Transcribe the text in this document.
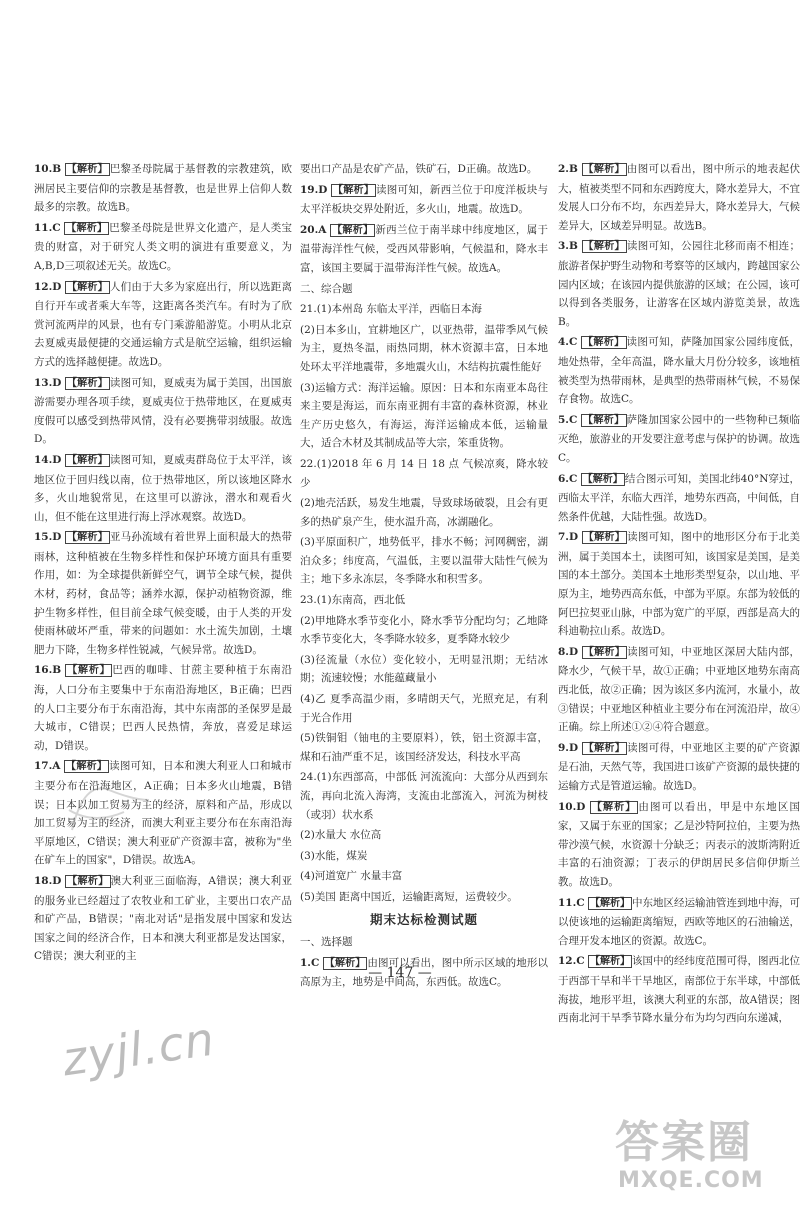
10.B 【解析】 巴黎圣母院属于基督教的宗教建筑，欧洲居民主要信仰的宗教是基督教，也是世界上信仰人数最多的宗教。故选B。

11.C 【解析】 巴黎圣母院是世界文化遗产，是人类宝贵的财富，对于研究人类文明的演进有重要意义，为A,B,D三项叙述无关。故选C。

12.D 【解析】 人们由于大多为家庭出行，所以选距离自行开车或者乘大车等，这距离各类汽车。有时为了欣赏河流两岸的风景，也有专门乘游船游览。小明从北京去夏威夷最便捷的交通运输方式是航空运输，组织运输方式的选择越便捷。故选D。

13.D 【解析】 读图可知，夏威夷为属于美国，出国旅游需要办理各项手续，夏威夷位于热带地区，在夏威夷度假可以感受到热带风情，没有必要携带羽绒服。故选D。

14.D 【解析】 读图可知，夏威夷群岛位于太平洋，该地区位于回归线以南，位于热带地区，所以该地区降水多，火山地貌常见，在这里可以游泳，潜水和观看火山，但不能在这里进行海上浮冰观察。故选D。

15.D 【解析】 亚马孙流域有着世界上面积最大的热带雨林，这种植被在生物多样性和保护环境方面具有重要作用，如：为全球提供新鲜空气，调节全球气候，提供木材，药材，食品等；涵养水源，保护动植物资源，维护生物多样性，但目前全球气候变暖，由于人类的开发使雨林破坏严重，带来的问题如：水土流失加剧，土壤肥力下降，生物多样性锐减，气候异常。故选D。

16.B 【解析】 巴西的咖啡、甘蔗主要种植于东南沿海，人口分布主要集中于东南沿海地区，B正确；巴西的人口主要分布于东南沿海，其中东南部的圣保罗是最大城市，C错误；巴西人民热情，奔放，喜爱足球运动，D错误。

17.A 【解析】 读图可知，日本和澳大利亚人口和城市主要分布在沿海地区，A正确；日本多火山地震，B错误；日本以加工贸易为主的经济，原料和产品，形成以加工贸易为主的经济，而澳大利亚主要分布在东南沿海平原地区，C错误；澳大利亚矿产资源丰富，被称为"坐在矿车上的国家"，D错误。故选A。

18.D 【解析】 澳大利亚三面临海，A错误；澳大利亚的服务业已经超过了农牧业和工矿业，主要出口农产品和矿产品，B错误；"南北对话"是指发展中国家和发达国家之间的经济合作，日本和澳大利亚都是发达国家，C错误；澳大利亚的主

要出口产品是农矿产品，铁矿石，D正确。故选D。

19.D 【解析】 读图可知，新西兰位于印度洋板块与太平洋板块交界处附近，多火山，地震。故选D。

20.A 【解析】 新西兰位于南半球中纬度地区，属于温带海洋性气候，受西风带影响，气候温和，降水丰富，该国主要属于温带海洋性气候。故选A。

二、综合题

21.(1)本州岛 东临太平洋，西临日本海

(2)日本多山，宜耕地区广，以亚热带，温带季风气候为主，夏热冬温，雨热同期，林木资源丰富，日本地处环太平洋地震带，多地震火山，木结构抗震性能好

(3)运输方式：海洋运输。原因：日本和东南亚本岛往来主要是海运，而东南亚拥有丰富的森林资源，林业生产历史悠久，有海运，海洋运输成本低，运输量大，适合木材及其制成品等大宗，笨重货物。

22.(1)2018 年 6 月 14 日 18 点 气候凉爽，降水较少

(2)地壳活跃，易发生地震，导致球场破裂，且会有更多的热矿泉产生，使水温升高，冰湖融化。

(3)平原面积广，地势低平，排水不畅；河网稠密，湖泊众多；纬度高，气温低，主要以温带大陆性气候为主；地下多永冻层，冬季降水和积雪多。

23.(1)东南高，西北低

(2)甲地降水季节变化小，降水季节分配均匀；乙地降水季节变化大，冬季降水较多，夏季降水较少

(3)径流量（水位）变化较小，无明显汛期；无结冰期；流速较慢；水能蕴藏量小

(4)乙 夏季高温少雨，多晴朗天气，光照充足，有利于光合作用

(5)铁铜钼（铀电的主要原料），铁，铝土资源丰富，煤和石油严重不足，该国经济发达，科技水平高

24.(1)东西部高，中部低 河流流向：大部分从西到东流，再向北流入海湾，支流由北部流入，河流为树枝（或羽）状水系

(2)水量大 水位高

(3)水能，煤炭

(4)河道宽广 水量丰富

(5)美国 距离中国近，运输距离短，运费较少。

期末达标检测试题
一、选择题

1.C 【解析】 由图可以看出，图中所示区域的地形以高原为主，地势是中间高，东西低。故选C。

2.B 【解析】 由图可以看出，图中所示的地表起伏大，植被类型不同和东西跨度大，降水差异大，不宜发展人口分布不均，东西差异大，降水差异大，气候差异大，区域差异明显。故选B。

3.B 【解析】 读图可知，公园往北移而南不相连；旅游者保护野生动物和考察等的区域内，跨越国家公园内区域；在该园内提供旅游的区域；在公园，该可以得到各类服务，让游客在区域内游览美景，故选B。

4.C 【解析】 读图可知，萨隆加国家公园纬度低，地处热带，全年高温，降水量大月份分较多，该地植被类型为热带雨林，是典型的热带雨林气候，不易保存食物。故选C。

5.C 【解析】 萨隆加国家公园中的一些物种已频临灭绝，旅游业的开发要注意考虑与保护的协调。故选C。

6.C 【解析】 结合图示可知，美国北纬40°N穿过，西临太平洋，东临大西洋，地势东西高，中间低，自然条件优越，大陆性强。故选D。

7.D 【解析】 读图可知，图中的地形区分布于北美洲，属于美国本土，读图可知，该国家是美国，是美国的本土部分。美国本土地形类型复杂，以山地、平原为主，地势西高东低，中部为平原。东部为较低的阿巴拉契亚山脉，中部为宽广的平原，西部是高大的科迪勒拉山系。故选D。

8.D 【解析】 读图可知，中亚地区深居大陆内部，降水少，气候干旱，故①正确；中亚地区地势东南高西北低，故②正确；因为该区多内流河，水量小，故③错误；中亚地区种植业主要分布在河流沿岸，故④正确。综上所述①②④符合题意。

9.D 【解析】 读图可得，中亚地区主要的矿产资源是石油，天然气等，我国进口该矿产资源的最快捷的运输方式是管道运输。故选D。

10.D 【解析】 由图可以看出，甲是中东地区国家，又属于东亚的国家；乙是沙特阿拉伯，主要为热带沙漠气候，水资源十分缺乏；丙表示的波斯湾附近丰富的石油资源；丁表示的伊朗居民多信仰伊斯兰教。故选D。

11.C 【解析】 中东地区经运输油管连到地中海，可以使该地的运输距离缩短，西欧等地区的石油输送，合理开发本地区的资源。故选C。

12.C 【解析】 该国中的经纬度范围可得，图西北位于西部干旱和半干旱地区，南部位于东半球，中部低海拔，地形平坦，该澳大利亚的东部，故A错误；图西南北河干旱季节降水量分布为均匀西向东递减，

— 147 —
zyjl.cn
答案圈
MXQE.COM
